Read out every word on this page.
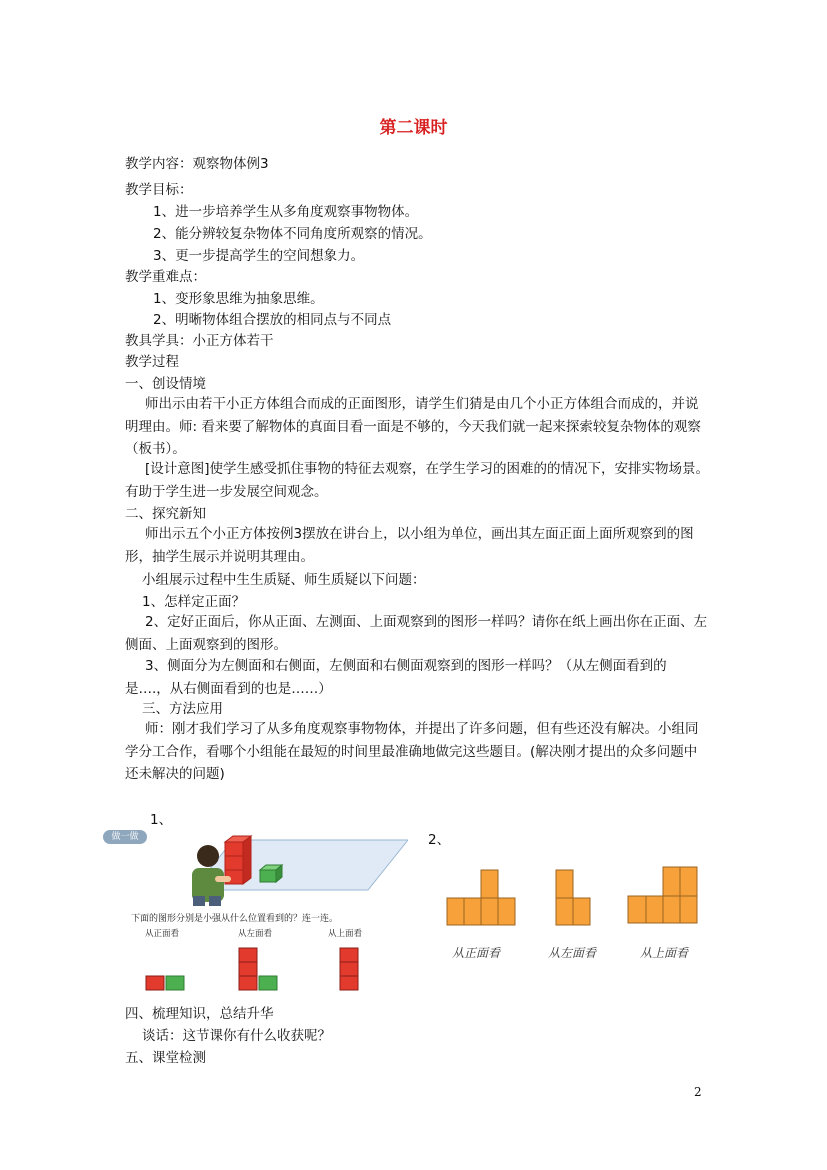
第二课时
教学内容：观察物体例3
教学目标：
1、进一步培养学生从多角度观察事物物体。
2、能分辨较复杂物体不同角度所观察的情况。
3、更一步提高学生的空间想象力。
教学重难点：
1、变形象思维为抽象思维。
2、明晰物体组合摆放的相同点与不同点
教具学具：小正方体若干
教学过程
一、创设情境
师出示由若干小正方体组合而成的正面图形，请学生们猜是由几个小正方体组合而成的，并说明理由。师: 看来要了解物体的真面目看一面是不够的，今天我们就一起来探索较复杂物体的观察（板书）。
[设计意图]使学生感受抓住事物的特征去观察，在学生学习的困难的的情况下，安排实物场景。有助于学生进一步发展空间观念。
二、探究新知
师出示五个小正方体按例3摆放在讲台上，以小组为单位，画出其左面正面上面所观察到的图形，抽学生展示并说明其理由。
小组展示过程中生生质疑、师生质疑以下问题：
1、怎样定正面？
2、定好正面后，你从正面、左测面、上面观察到的图形一样吗？请你在纸上画出你在正面、左侧面、上面观察到的图形。
3、侧面分为左侧面和右侧面，左侧面和右侧面观察到的图形一样吗？（从左侧面看到的是….，从右侧面看到的也是……）
三、方法应用
师：刚才我们学习了从多角度观察事物物体，并提出了许多问题，但有些还没有解决。小组同学分工合作，看哪个小组能在最短的时间里最准确地做完这些题目。(解决刚才提出的众多问题中还未解决的问题)
1、
做一做
下面的图形分别是小强从什么位置看到的？连一连。
从正面看	从左面看	从上面看
2、
从正面看	从左面看	从上面看
四、梳理知识，总结升华
谈话：这节课你有什么收获呢？
五、课堂检测
2
